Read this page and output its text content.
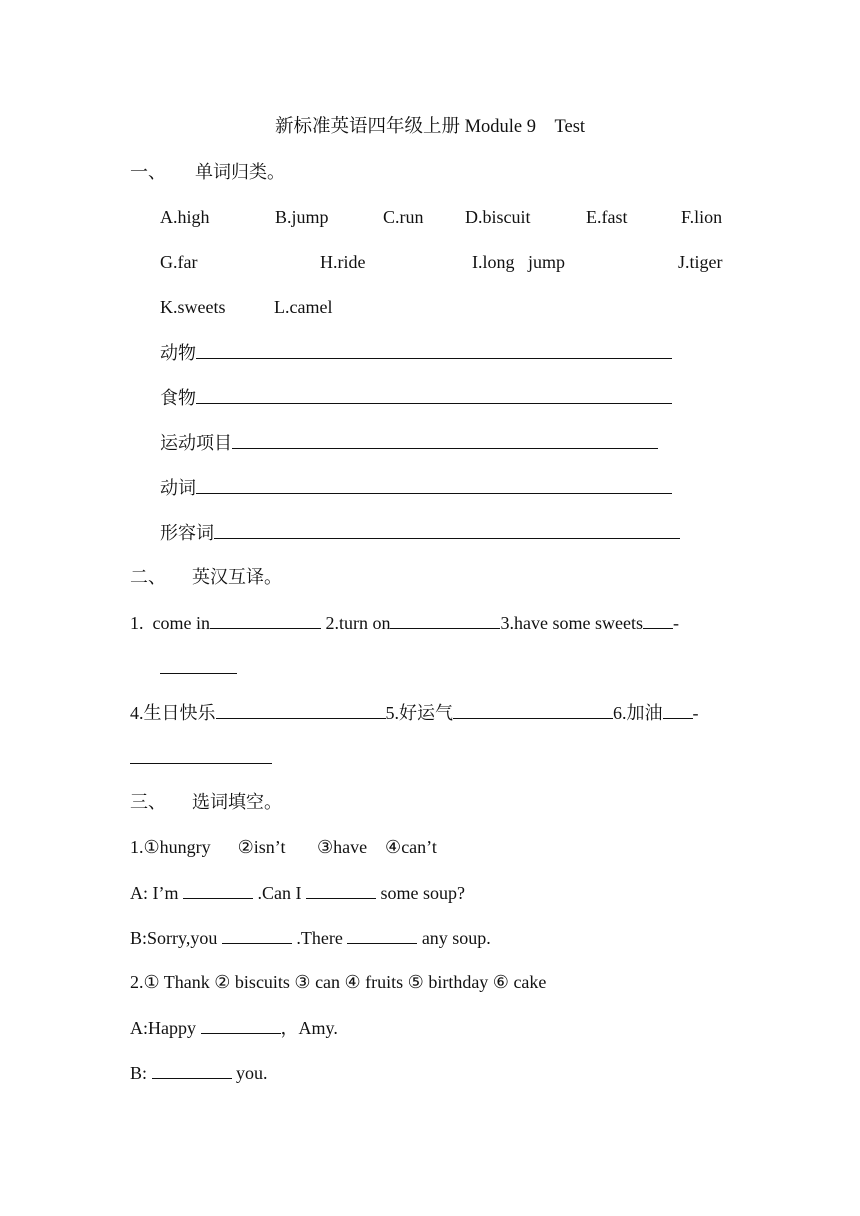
新标准英语四年级上册 Module 9　Test
一、 单词归类。
A.high	B.jump	C.run D.biscuit	E.fast	F.lion
G.far	H.ride	I.long   jump	J.tiger
K.sweets	L.camel
动物
食物
运动项目
动词
形容词
二、 英汉互译。
1.  come in	2.turn on	3.have some sweets -
4.生日快乐	5.好运气	6.加油 -
三、 选词填空。
1.①hungry      ②isn’t       ③have    ④can’t
A: I’m	.Can I	some soup?
B:Sorry,you	.There	any soup.
2.① Thank ② biscuits ③ can ④ fruits ⑤ birthday ⑥ cake
A:Happy	，Amy.
B:	you.
